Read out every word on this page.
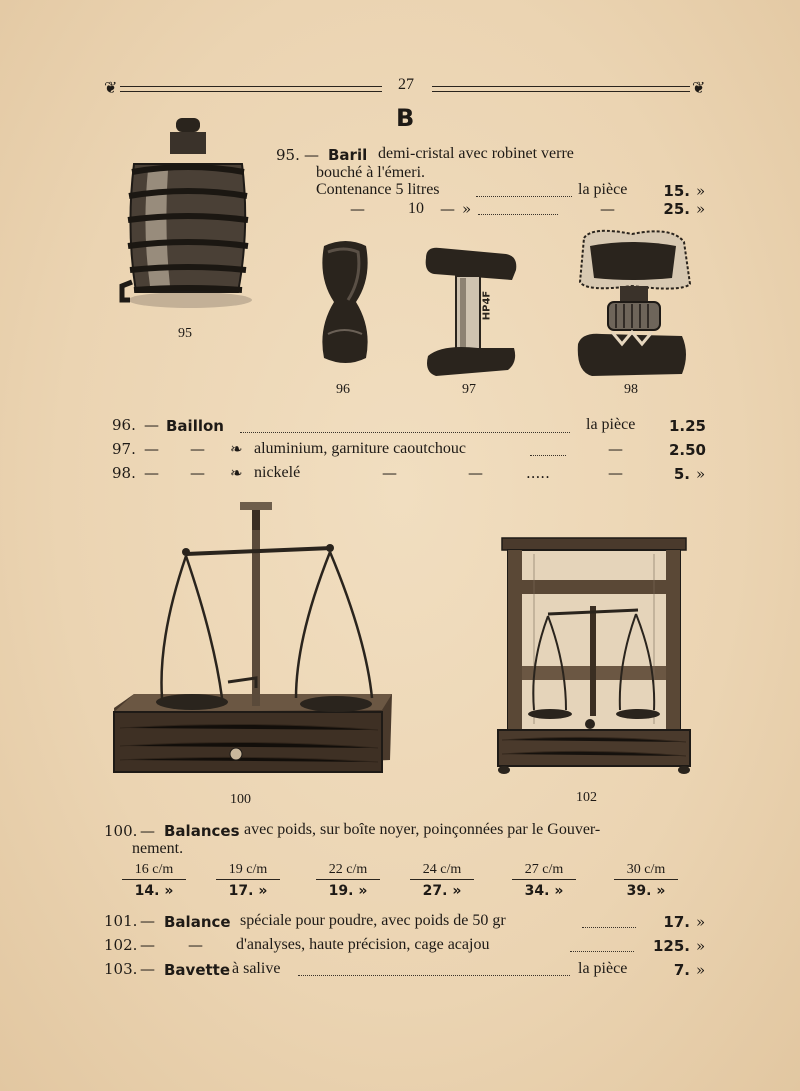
❦	27	❦
B
95. — Baril demi-cristal avec robinet verre
bouché à l'émeri.
Contenance 5 litres	la pièce	15. »
—	10 — »	—	25. »
95
96
HP4F
97	98
96. — Baillon	la pièce	1.25
97. — — ❧ aluminium, garniture caoutchouc	—	2.50
98. — — ❧ nickelé	—	—	.....	—	5. »
100	102
100. — Balances avec poids, sur boîte noyer, poinçonnées par le Gouver-
nement.
16 c/m
14. »
19 c/m
17. »
22 c/m
19. »
24 c/m
27. »
27 c/m
34. »
30 c/m
39. »
101. — Balance spéciale pour poudre, avec poids de 50 gr	17. »
102. — — d'analyses, haute précision, cage acajou	125. »
103. — Bavette à salive	la pièce	7. »
